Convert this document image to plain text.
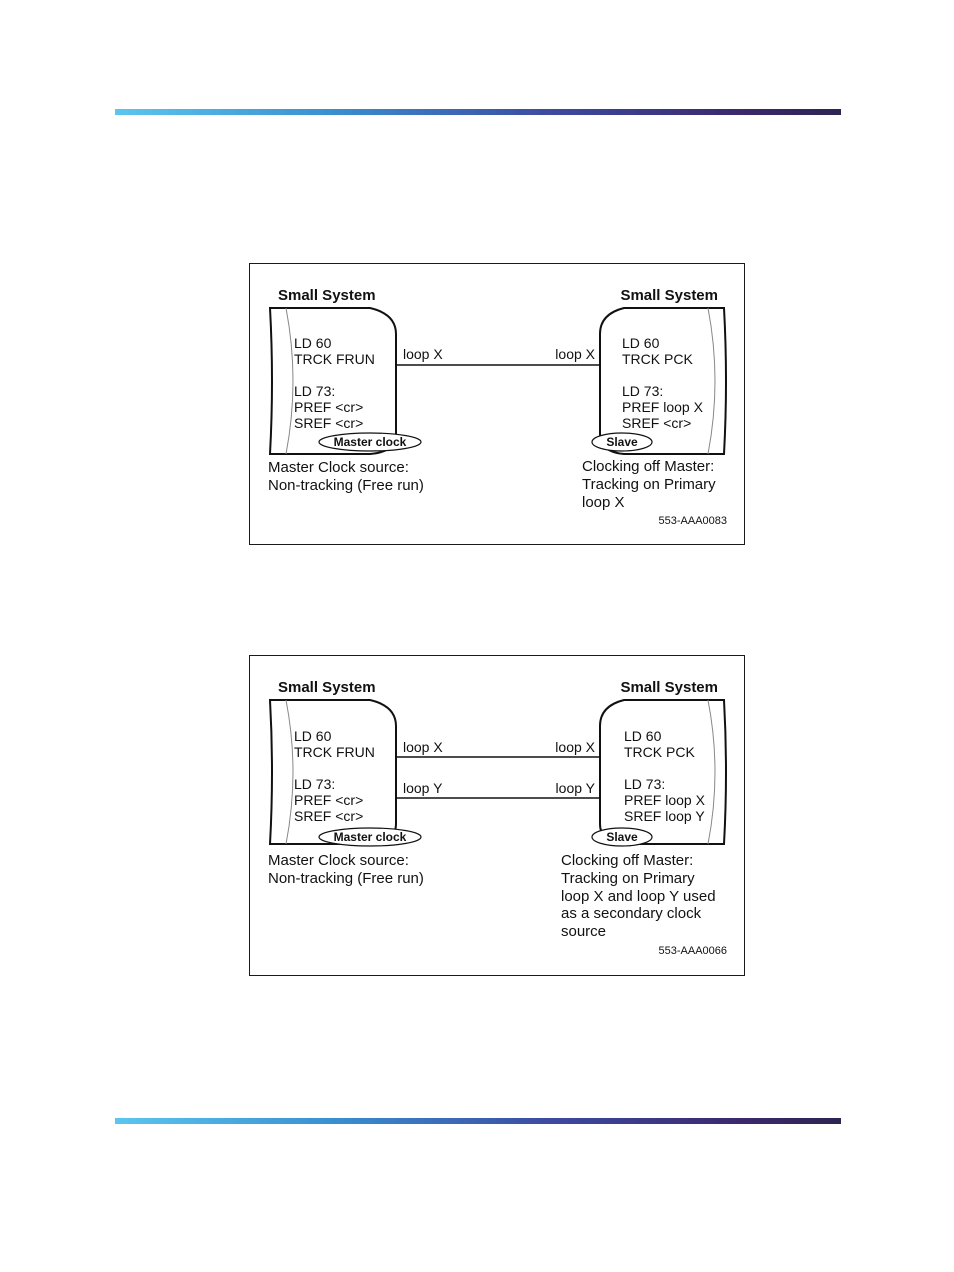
Small System	Small System
LD 60
TRCK FRUN
LD 73:
PREF <cr>
SREF <cr>
LD 60
TRCK PCK
LD 73:
PREF loop X
SREF <cr>
loop X	loop X
Master clock	Slave
Master Clock source:
Non-tracking (Free run)
Clocking off Master:
Tracking on Primary
loop X
553-AAA0083
Small System	Small System
LD 60
TRCK FRUN
LD 73:
PREF <cr>
SREF <cr>
LD 60
TRCK PCK
LD 73:
PREF loop X
SREF loop Y
loop X	loop X
loop Y	loop Y
Master clock	Slave
Master Clock source:
Non-tracking (Free run)
Clocking off Master:
Tracking on Primary
loop X and loop Y used
as a secondary clock
source
553-AAA0066
